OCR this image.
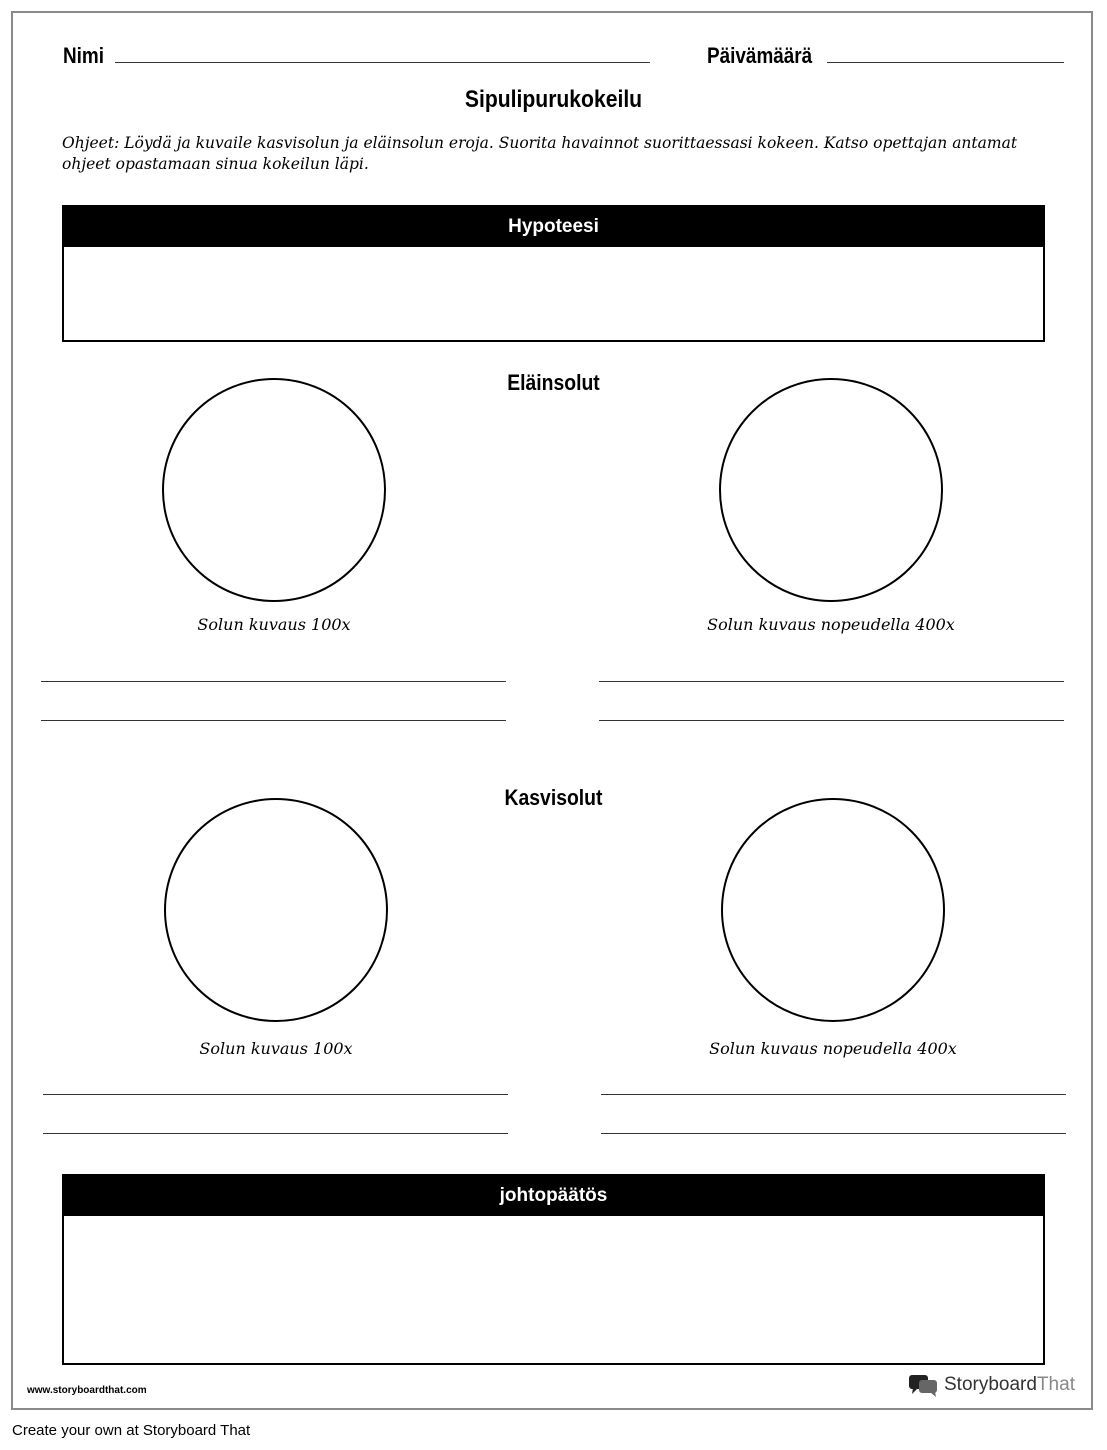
Nimi	Päivämäärä
Sipulipurukokeilu
Ohjeet: Löydä ja kuvaile kasvisolun ja eläinsolun eroja. Suorita havainnot suorittaessasi kokeen. Katso opettajan antamat ohjeet opastamaan sinua kokeilun läpi.
Hypoteesi
Eläinsolut
Solun kuvaus 100x	Solun kuvaus nopeudella 400x
Kasvisolut
Solun kuvaus 100x	Solun kuvaus nopeudella 400x
johtopäätös
www.storyboardthat.com	StoryboardThat
Create your own at Storyboard That
